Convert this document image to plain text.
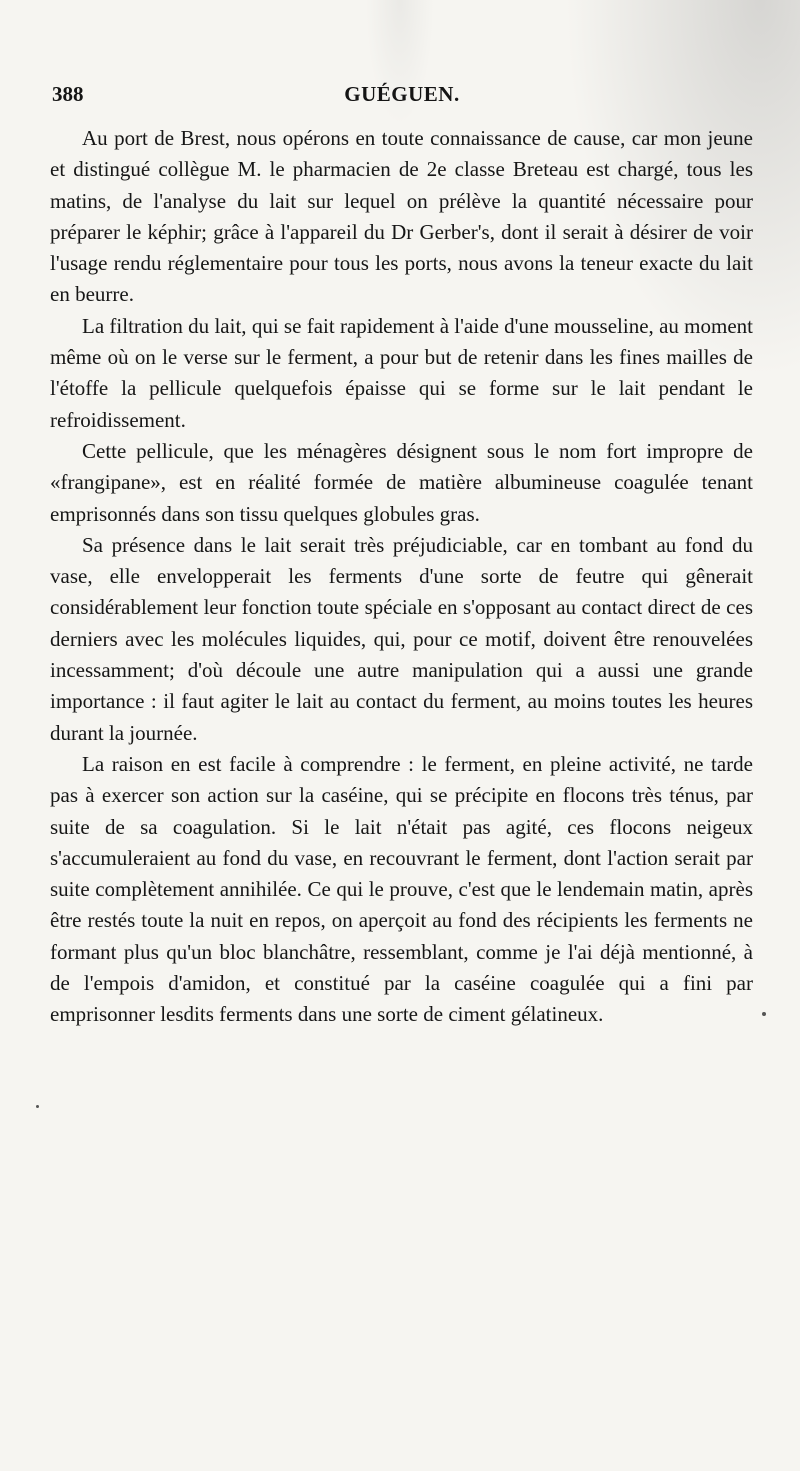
388	GUÉGUEN.

Au port de Brest, nous opérons en toute connaissance de cause, car mon jeune et distingué collègue M. le pharmacien de 2e classe Breteau est chargé, tous les matins, de l'analyse du lait sur lequel on prélève la quantité nécessaire pour préparer le képhir; grâce à l'appareil du Dr Gerber's, dont il serait à désirer de voir l'usage rendu réglementaire pour tous les ports, nous avons la teneur exacte du lait en beurre.

La filtration du lait, qui se fait rapidement à l'aide d'une mousseline, au moment même où on le verse sur le ferment, a pour but de retenir dans les fines mailles de l'étoffe la pellicule quelquefois épaisse qui se forme sur le lait pendant le refroidissement.

Cette pellicule, que les ménagères désignent sous le nom fort impropre de «frangipane», est en réalité formée de matière albumineuse coagulée tenant emprisonnés dans son tissu quelques globules gras.

Sa présence dans le lait serait très préjudiciable, car en tombant au fond du vase, elle envelopperait les ferments d'une sorte de feutre qui gênerait considérablement leur fonction toute spéciale en s'opposant au contact direct de ces derniers avec les molécules liquides, qui, pour ce motif, doivent être renouvelées incessamment; d'où découle une autre manipulation qui a aussi une grande importance : il faut agiter le lait au contact du ferment, au moins toutes les heures durant la journée.

La raison en est facile à comprendre : le ferment, en pleine activité, ne tarde pas à exercer son action sur la caséine, qui se précipite en flocons très ténus, par suite de sa coagulation. Si le lait n'était pas agité, ces flocons neigeux s'accumuleraient au fond du vase, en recouvrant le ferment, dont l'action serait par suite complètement annihilée. Ce qui le prouve, c'est que le lendemain matin, après être restés toute la nuit en repos, on aperçoit au fond des récipients les ferments ne formant plus qu'un bloc blanchâtre, ressemblant, comme je l'ai déjà mentionné, à de l'empois d'amidon, et constitué par la caséine coagulée qui a fini par emprisonner lesdits ferments dans une sorte de ciment gélatineux.
